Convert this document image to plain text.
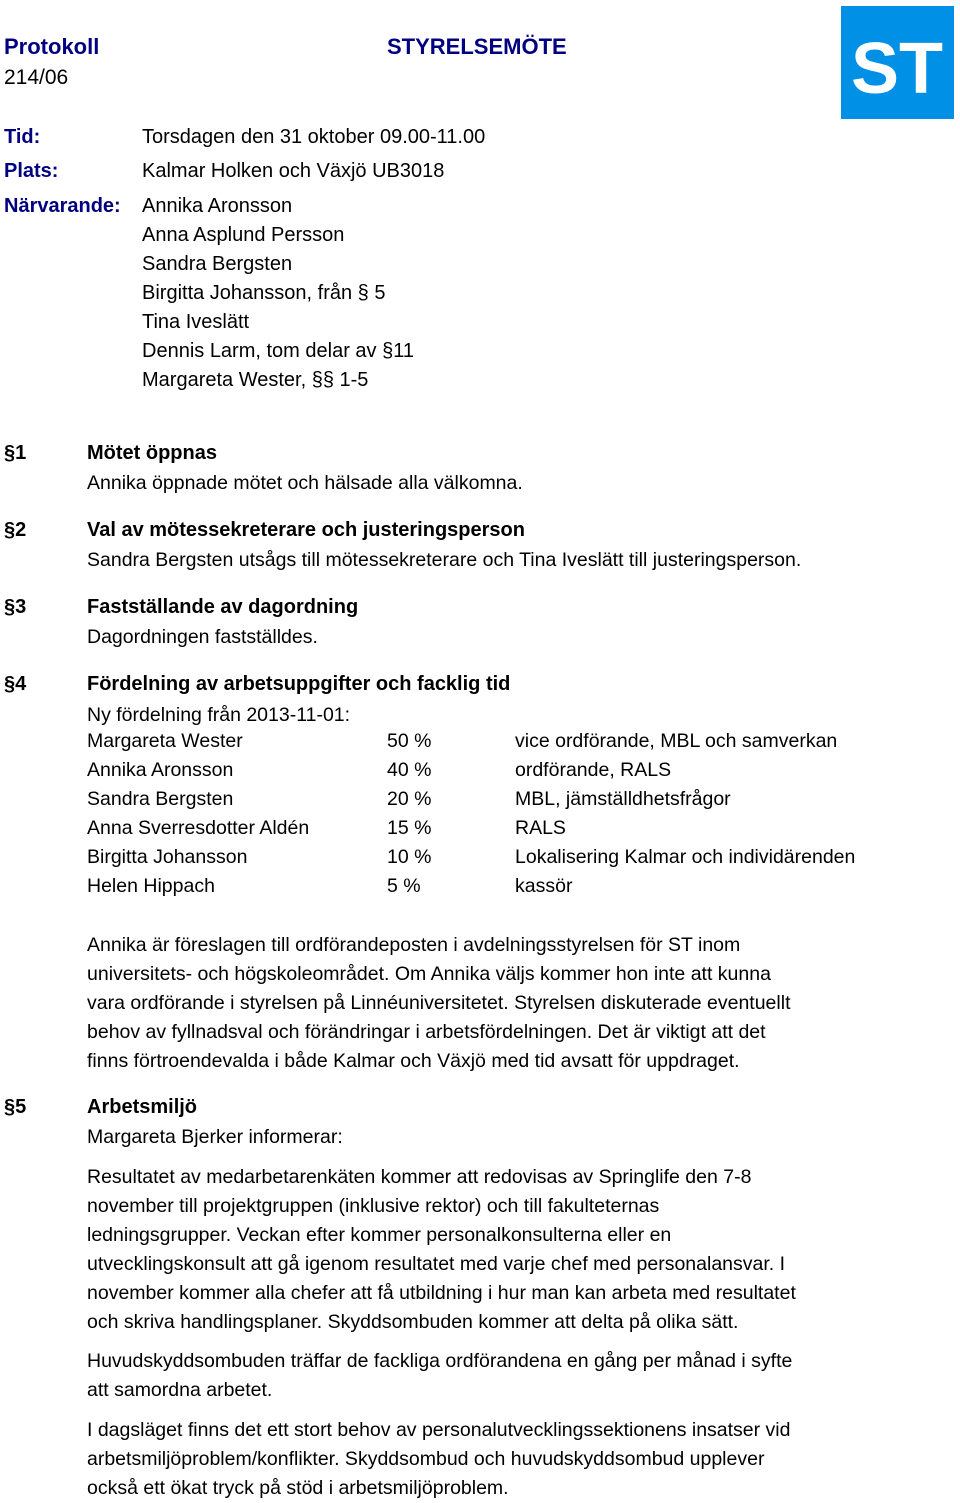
Protokoll
214/06
STYRELSEMÖTE	ST
Tid:	Torsdagen den 31 oktober 09.00-11.00
Plats:	Kalmar Holken och Växjö UB3018
Närvarande: Annika Aronsson
Anna Asplund Persson
Sandra Bergsten
Birgitta Johansson, från § 5
Tina Iveslätt
Dennis Larm, tom delar av §11
Margareta Wester, §§ 1-5
§1	Mötet öppnas
Annika öppnade mötet och hälsade alla välkomna.
§2	Val av mötessekreterare och justeringsperson
Sandra Bergsten utsågs till mötessekreterare och Tina Iveslätt till justeringsperson.
§3	Fastställande av dagordning
Dagordningen fastställdes.
§4	Fördelning av arbetsuppgifter och facklig tid
Ny fördelning från 2013-11-01:
Margareta Wester	50 %	vice ordförande, MBL och samverkan
Annika Aronsson	40 %	ordförande, RALS
Sandra Bergsten	20 %	MBL, jämställdhetsfrågor
Anna Sverresdotter Aldén	15 %	RALS
Birgitta Johansson	10 %	Lokalisering Kalmar och individärenden
Helen Hippach	5 %	kassör
Annika är föreslagen till ordförandeposten i avdelningsstyrelsen för ST inom
universitets- och högskoleområdet. Om Annika väljs kommer hon inte att kunna
vara ordförande i styrelsen på Linnéuniversitetet. Styrelsen diskuterade eventuellt
behov av fyllnadsval och förändringar i arbetsfördelningen. Det är viktigt att det
finns förtroendevalda i både Kalmar och Växjö med tid avsatt för uppdraget.
§5	Arbetsmiljö
Margareta Bjerker informerar:
Resultatet av medarbetarenkäten kommer att redovisas av Springlife den 7-8
november till projektgruppen (inklusive rektor) och till fakulteternas
ledningsgrupper. Veckan efter kommer personalkonsulterna eller en
utvecklingskonsult att gå igenom resultatet med varje chef med personalansvar. I
november kommer alla chefer att få utbildning i hur man kan arbeta med resultatet
och skriva handlingsplaner. Skyddsombuden kommer att delta på olika sätt.
Huvudskyddsombuden träffar de fackliga ordförandena en gång per månad i syfte
att samordna arbetet.
I dagsläget finns det ett stort behov av personalutvecklingssektionens insatser vid
arbetsmiljöproblem/konflikter. Skyddsombud och huvudskyddsombud upplever
också ett ökat tryck på stöd i arbetsmiljöproblem.
